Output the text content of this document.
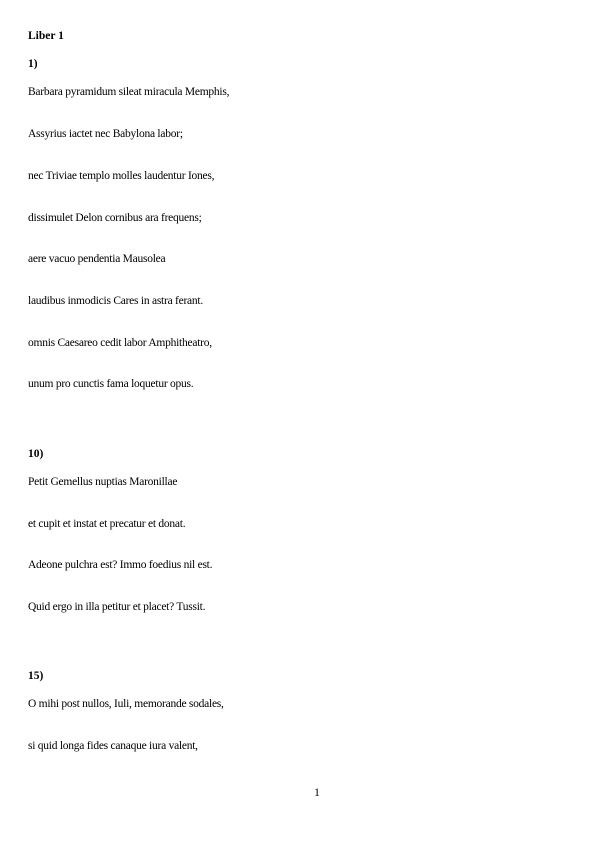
Liber 1
1)
Barbara pyramidum sileat miracula Memphis,
Assyrius iactet nec Babylona labor;
nec Triviae templo molles laudentur Iones,
dissimulet Delon cornibus ara frequens;
aere vacuo pendentia Mausolea
laudibus inmodicis Cares in astra ferant.
omnis Caesareo cedit labor Amphitheatro,
unum pro cunctis fama loquetur opus.
10)
Petit Gemellus nuptias Maronillae
et cupit et instat et precatur et donat.
Adeone pulchra est? Immo foedius nil est.
Quid ergo in illa petitur et placet? Tussit.
15)
O mihi post nullos, Iuli, memorande sodales,
si quid longa fides canaque iura valent,
1
